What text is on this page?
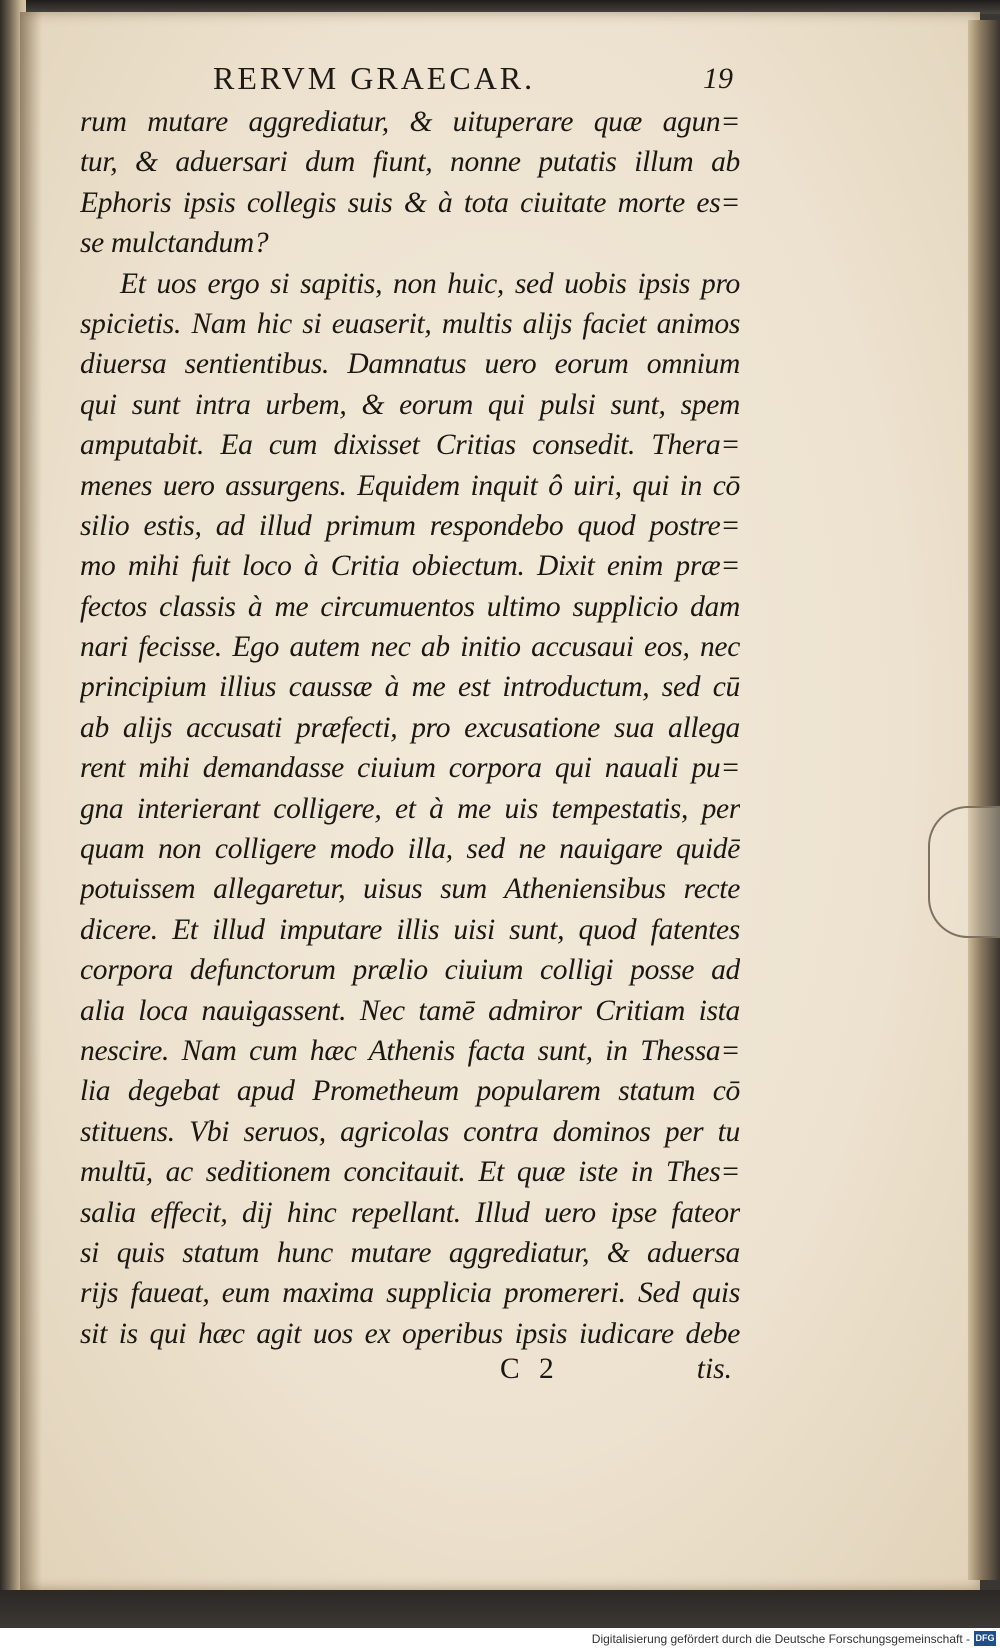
RERVM GRAECAR.	19
rum mutare aggrediatur, & uituperare quæ agun=
tur, & aduersari dum fiunt, nonne putatis illum ab
Ephoris ipsis collegis suis & à tota ciuitate morte es=
se mulctandum?
Et uos ergo si sapitis, non huic, sed uobis ipsis pro
spicietis. Nam hic si euaserit, multis alijs faciet animos
diuersa sentientibus. Damnatus uero eorum omnium
qui sunt intra urbem, & eorum qui pulsi sunt, spem
amputabit. Ea cum dixisset Critias consedit. Thera=
menes uero assurgens. Equidem inquit ô uiri, qui in cō
silio estis, ad illud primum respondebo quod postre=
mo mihi fuit loco à Critia obiectum. Dixit enim præ=
fectos classis à me circumuentos ultimo supplicio dam
nari fecisse. Ego autem nec ab initio accusaui eos, nec
principium illius caussæ à me est introductum, sed cū
ab alijs accusati præfecti, pro excusatione sua allega
rent mihi demandasse ciuium corpora qui nauali pu=
gna interierant colligere, et à me uis tempestatis, per
quam non colligere modo illa, sed ne nauigare quidē
potuissem allegaretur, uisus sum Atheniensibus recte
dicere. Et illud imputare illis uisi sunt, quod fatentes
corpora defunctorum prælio ciuium colligi posse ad
alia loca nauigassent. Nec tamē admiror Critiam ista
nescire. Nam cum hæc Athenis facta sunt, in Thessa=
lia degebat apud Prometheum popularem statum cō
stituens. Vbi seruos, agricolas contra dominos per tu
multū, ac seditionem concitauit. Et quæ iste in Thes=
salia effecit, dij hinc repellant. Illud uero ipse fateor
si quis statum hunc mutare aggrediatur, & aduersa
rijs faueat, eum maxima supplicia promereri. Sed quis
sit is qui hæc agit uos ex operibus ipsis iudicare debe
C 2	tis.
Digitalisierung gefördert durch die Deutsche Forschungsgemeinschaft - DFG
